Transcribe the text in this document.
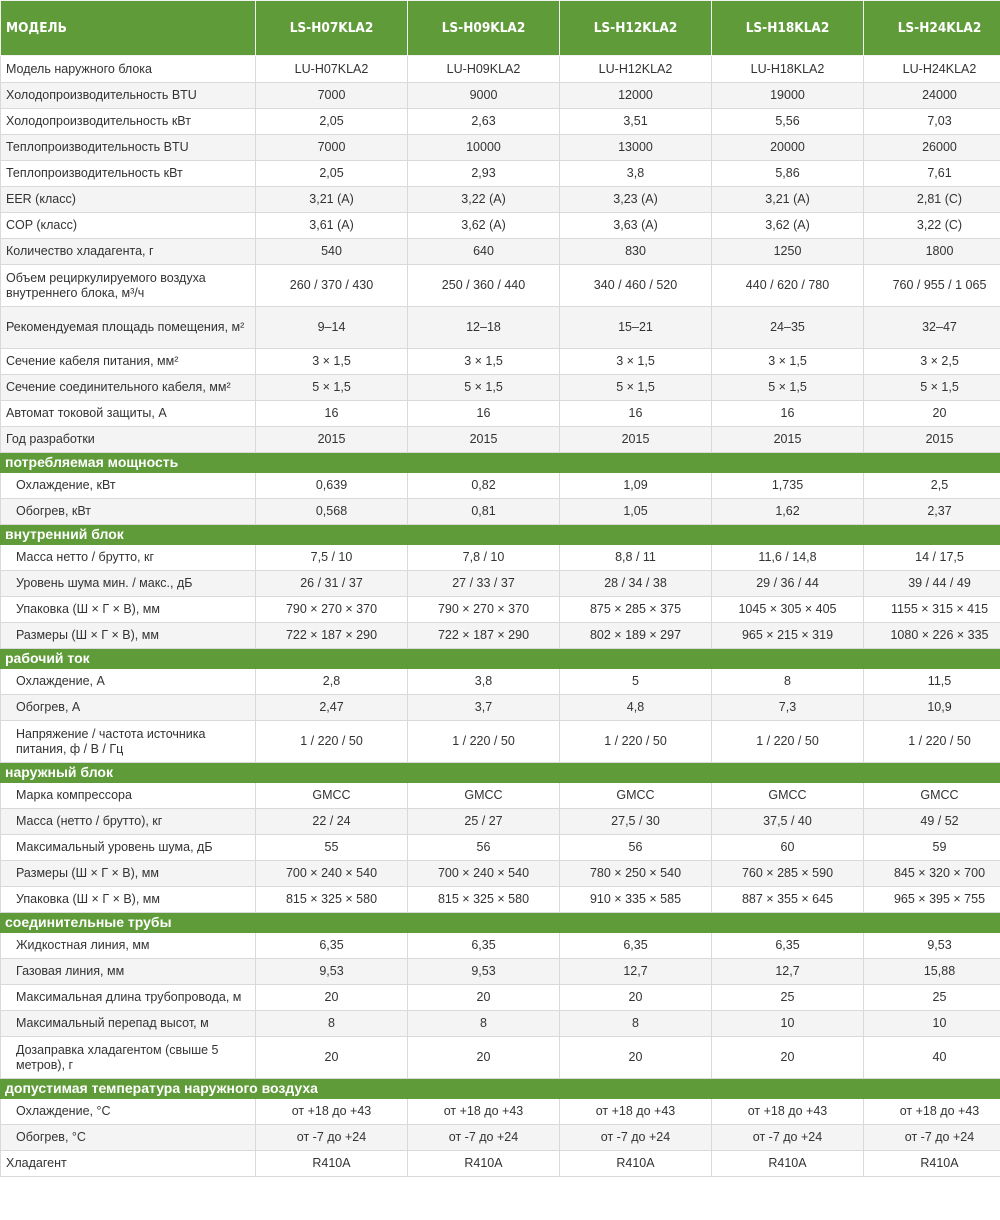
МОДЕЛЬ	LS-H07KLA2	LS-H09KLA2	LS-H12KLA2	LS-H18KLA2	LS-H24KLA2
Модель наружного блока	LU-H07KLA2	LU-H09KLA2	LU-H12KLA2	LU-H18KLA2	LU-H24KLA2
Холодопроизводительность BTU	7000	9000	12000	19000	24000
Холодопроизводительность кВт	2,05	2,63	3,51	5,56	7,03
Теплопроизводительность BTU	7000	10000	13000	20000	26000
Теплопроизводительность кВт	2,05	2,93	3,8	5,86	7,61
EER (класс)	3,21 (A)	3,22 (A)	3,23 (A)	3,21 (A)	2,81 (C)
COP (класс)	3,61 (A)	3,62 (A)	3,63 (A)	3,62 (A)	3,22 (C)
Количество хладагента, г	540	640	830	1250	1800
Объем рециркулируемого воздуха внутреннего блока, м³/ч	260 / 370 / 430	250 / 360 / 440	340 / 460 / 520	440 / 620 / 780	760 / 955 / 1 065
Рекомендуемая площадь помещения, м²	9–14	12–18	15–21	24–35	32–47
Сечение кабеля питания, мм²	3 × 1,5	3 × 1,5	3 × 1,5	3 × 1,5	3 × 2,5
Сечение соединительного кабеля, мм²	5 × 1,5	5 × 1,5	5 × 1,5	5 × 1,5	5 × 1,5
Автомат токовой защиты, А	16	16	16	16	20
Год разработки	2015	2015	2015	2015	2015
потребляемая мощность					
Охлаждение, кВт	0,639	0,82	1,09	1,735	2,5
Обогрев, кВт	0,568	0,81	1,05	1,62	2,37
внутренний блок					
Масса нетто / брутто, кг	7,5 / 10	7,8 / 10	8,8 / 11	11,6 / 14,8	14 / 17,5
Уровень шума мин. / макс., дБ	26 / 31 / 37	27 / 33 / 37	28 / 34 / 38	29 / 36 / 44	39 / 44 / 49
Упаковка (Ш × Г × В), мм	790 × 270 × 370	790 × 270 × 370	875 × 285 × 375	1045 × 305 × 405	1155 × 315 × 415
Размеры (Ш × Г × В), мм	722 × 187 × 290	722 × 187 × 290	802 × 189 × 297	965 × 215 × 319	1080 × 226 × 335
рабочий ток					
Охлаждение, А	2,8	3,8	5	8	11,5
Обогрев, А	2,47	3,7	4,8	7,3	10,9
Напряжение / частота источника питания, ф / В / Гц	1 / 220 / 50	1 / 220 / 50	1 / 220 / 50	1 / 220 / 50	1 / 220 / 50
наружный блок					
Марка компрессора	GMCC	GMCC	GMCC	GMCC	GMCC
Масса (нетто / брутто), кг	22 / 24	25 / 27	27,5 / 30	37,5 / 40	49 / 52
Максимальный уровень шума, дБ	55	56	56	60	59
Размеры (Ш × Г × В), мм	700 × 240 × 540	700 × 240 × 540	780 × 250 × 540	760 × 285 × 590	845 × 320 × 700
Упаковка (Ш × Г × В), мм	815 × 325 × 580	815 × 325 × 580	910 × 335 × 585	887 × 355 × 645	965 × 395 × 755
соединительные трубы					
Жидкостная линия, мм	6,35	6,35	6,35	6,35	9,53
Газовая линия, мм	9,53	9,53	12,7	12,7	15,88
Максимальная длина трубопровода, м	20	20	20	25	25
Максимальный перепад высот, м	8	8	8	10	10
Дозаправка хладагентом (свыше 5 метров), г	20	20	20	20	40
допустимая температура наружного воздуха					
Охлаждение, °С	от +18 до +43	от +18 до +43	от +18 до +43	от +18 до +43	от +18 до +43
Обогрев, °С	от -7 до +24	от -7 до +24	от -7 до +24	от -7 до +24	от -7 до +24
Хладагент	R410A	R410A	R410A	R410A	R410A
